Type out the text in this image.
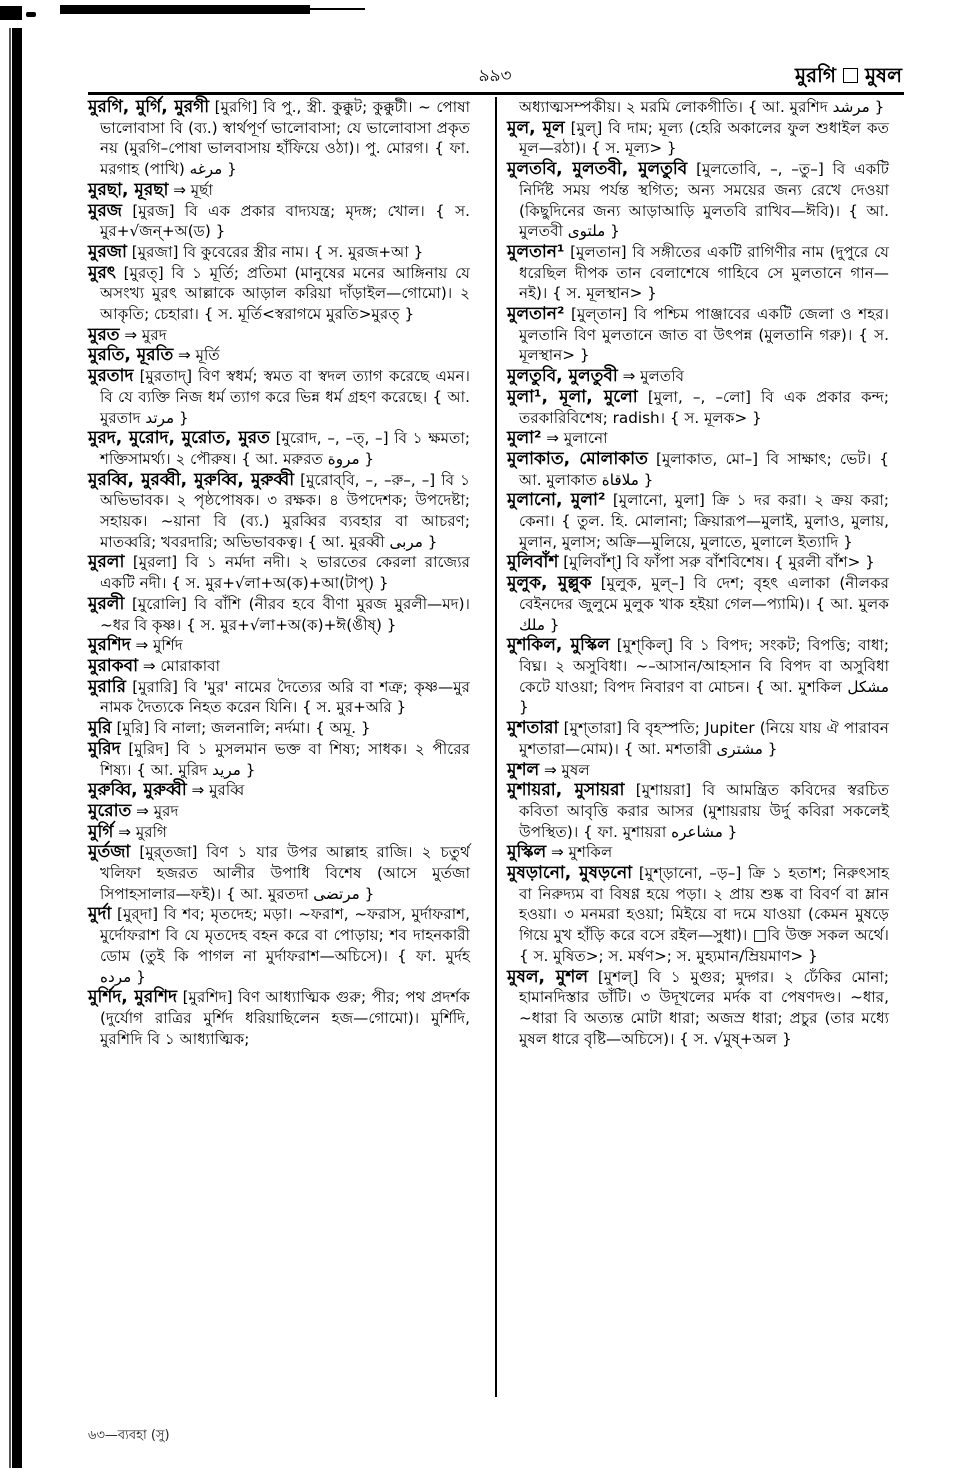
৯৯৩	মুরগি মুষল

মুরগি, মুর্গি, মুরগী [মুরগি] বি পু., স্ত্রী. কুক্কুট; কুক্কুটী। ~ পোষা ভালোবাসা বি (ব্য.) স্বার্থপূর্ণ ভালোবাসা; যে ভালোবাসা প্রকৃত নয় (মুরগি–পোষা ভালবাসায় হাঁফিয়ে ওঠা)। পু. মোরগ। { ফা. মরগাহ (পাখি) مرغه }

মুরছা, মূরছা ⇒ মূর্ছা

মুরজ [মুরজ] বি এক প্রকার বাদ্যযন্ত্র; মৃদঙ্গ; খোল। { স. মুর+√জন্+অ(ড) }

মুরজা [মুরজা] বি কুবেরের স্ত্রীর নাম। { স. মুরজ+আ }

মুরৎ [মুরত্] বি ১ মূর্তি; প্রতিমা (মানুষের মনের আঙ্গিনায় যে অসংখ্য মুরৎ আল্লাকে আড়াল করিয়া দাঁড়াইল—গোমো)। ২ আকৃতি; চেহারা। { স. মূর্তি<স্বরাগমে মুরতি>মুরত্ }

মুরত ⇒ মুরদ

মুরতি, মূরতি ⇒ মূর্তি

মুরতাদ [মুরতাদ্] বিণ স্বধর্ম; স্বমত বা স্বদল ত্যাগ করেছে এমন। বি যে ব্যক্তি নিজ ধর্ম ত্যাগ করে ভিন্ন ধর্ম গ্রহণ করেছে। { আ. মুরতাদ مرتد }

মুরদ, মুরোদ, মুরোত, মুরত [মুরোদ, –, –ত্, –] বি ১ ক্ষমতা; শক্তিসামর্থ্য। ২ পৌরুষ। { আ. মরুরত مروة }

মুরব্বি, মুরব্বী, মুরুব্বি, মুরুব্বী [মুরোব্‌বি, –, –রু–, –] বি ১ অভিভাবক। ২ পৃষ্ঠপোষক। ৩ রক্ষক। ৪ উপদেশক; উপদেষ্টা; সহায়ক। ~য়ানা বি (ব্য.) মুরব্বির ব্যবহার বা আচরণ; মাতব্বরি; খবরদারি; অভিভাবকত্ব। { আ. মুরব্বী مربی }

মুরলা [মুরলা] বি ১ নর্মদা নদী। ২ ভারতের কেরলা রাজ্যের একটি নদী। { স. মুর+√লা+অ(ক)+আ(টাপ্) }

মুরলী [মুরোলি] বি বাঁশি (নীরব হবে বীণা মুরজ মুরলী—মদ)। ~ধর বি কৃষ্ণ। { স. মুর+√লা+অ(ক)+ঈ(ঙীষ্) }

মুরশিদ ⇒ মুর্শিদ

মুরাকবা ⇒ মোরাকাবা

মুরারি [মুরারি] বি 'মুর' নামের দৈত্যের অরি বা শত্রু; কৃষ্ণ—মুর নামক দৈত্যকে নিহত করেন যিনি। { স. মুর+অরি }

মুরি [মুরি] বি নালা; জলনালি; নর্দমা। { অমূ. }

মুরিদ [মুরিদ] বি ১ মুসলমান ভক্ত বা শিষ্য; সাধক। ২ পীরের শিষ্য। { আ. মুরিদ مرید }

মুরুব্বি, মুরুব্বী ⇒ মুরব্বি

মুরোত ⇒ মুরদ

মুর্গি ⇒ মুরগি

মুর্তজা [মুর্‌তজা] বিণ ১ যার উপর আল্লাহ রাজি। ২ চতুর্থ খলিফা হজরত আলীর উপাধি বিশেষ (আসে মুর্তজা সিপাহসালার—ফই)। { আ. মুরতদা مرتضی }

মুর্দা [মুর্‌দা] বি শব; মৃতদেহ; মড়া। ~ফরাশ, ~ফরাস, মুর্দাফরাশ, মুর্দোফরাশ বি যে মৃতদেহ বহন করে বা পোড়ায়; শব দাহনকারী ডোম (তুই কি পাগল না মুর্দাফরাশ—অচিসে)। { ফা. মুর্দহ مرده }

মুর্শিদ, মুরশিদ [মুরশিদ] বিণ আধ্যাত্মিক গুরু; পীর; পথ প্রদর্শক (দুর্যোগ রাত্রির মুর্শিদ ধরিয়াছিলেন হজ—গোমো)। মুর্শিদি, মুরশিদি বি ১ আধ্যাত্মিক;

অধ্যাত্মসম্পকীয়। ২ মরমি লোকগীতি। { আ. মুরশিদ مرشد }

মুল, মূল [মুল্] বি দাম; মূল্য (হেরি অকালের ফুল শুধাইল কত মূল—রঠা)। { স. মূল্য> }

মুলতবি, মুলতবী, মুলতুবি [মুলতোবি, –, –তু–] বি একটি নির্দিষ্ট সময় পর্যন্ত স্থগিত; অন্য সময়ের জন্য রেখে দেওয়া (কিছুদিনের জন্য আড়াআড়ি মুলতবি রাখিব—ঈবি)। { আ. মুলতবী ملتوی }

মুলতান¹ [মুলতান] বি সঙ্গীতের একটি রাগিণীর নাম (দুপুরে যে ধরেছিল দীপক তান বেলাশেষে গাহিবে সে মুলতানে গান—নই)। { স. মূলস্থান> }

মুলতান² [মুল্‌তান] বি পশ্চিম পাঞ্জাবের একটি জেলা ও শহর। মুলতানি বিণ মুলতানে জাত বা উৎপন্ন (মুলতানি গরু)। { স. মূলস্থান> }

মুলতুবি, মুলতুবী ⇒ মুলতবি

মুলা¹, মূলা, মুলো [মুলা, –, –লো] বি এক প্রকার কন্দ; তরকারিবিশেষ; radish। { স. মূলক> }

মুলা² ⇒ মুলানো

মুলাকাত, মোলাকাত [মুলাকাত, মো–] বি সাক্ষাৎ; ভেট। { আ. মুলাকাত ملاقاة }

মুলানো, মুলা² [মুলানো, মুলা] ক্রি ১ দর করা। ২ ক্রয় করা; কেনা। { তুল. হি. মোলানা; ক্রিয়ারূপ—মুলাই, মুলাও, মুলায়, মুলান, মুলাস; অক্রি—মুলিয়ে, মুলাতে, মুলালে ইত্যাদি }

মুলিবাঁশ [মুলিবাঁশ্] বি ফাঁপা সরু বাঁশবিশেষ। { মুরলী বাঁশ> }

মুলুক, মুল্লুক [মুলুক, মুল্–] বি দেশ; বৃহৎ এলাকা (নীলকর বেইনদের জুলুমে মুলুক খাক হইয়া গেল—প্যামি)। { আ. মুলক ملك }

মুশকিল, মুস্কিল [মুশ্‌কিল্] বি ১ বিপদ; সংকট; বিপত্তি; বাধা; বিঘ্ন। ২ অসুবিধা। ~–আসান/আহসান বি বিপদ বা অসুবিধা কেটে যাওয়া; বিপদ নিবারণ বা মোচন। { আ. মুশকিল مشکل }

মুশতারা [মুশ্‌তারা] বি বৃহস্পতি; Jupiter (নিয়ে যায় ঐ পারাবন মুশতারা—মোম)। { আ. মশতারী مشتری }

মুশল ⇒ মুষল

মুশায়রা, মুসায়রা [মুশায়রা] বি আমন্ত্রিত কবিদের স্বরচিত কবিতা আবৃত্তি করার আসর (মুশায়রায় উর্দু কবিরা সকলেই উপস্থিত)। { ফা. মুশায়রা مشاعره }

মুস্কিল ⇒ মুশকিল

মুষড়ানো, মুষড়নো [মুশ্‌ড়ানো, –ড়–] ক্রি ১ হতাশ; নিরুৎসাহ বা নিরুদ্যম বা বিষণ্ণ হয়ে পড়া। ২ প্রায় শুষ্ক বা বিবর্ণ বা ম্লান হওয়া। ৩ মনমরা হওয়া; মিইয়ে বা দমে যাওয়া (কেমন মুষড়ে গিয়ে মুখ হাঁড়ি করে বসে রইল—সুধা)। □বি উক্ত সকল অর্থে। { স. মুষিত>; স. মর্ষণ>; স. মুহ্যমান/ম্রিয়মাণ> }

মুষল, মুশল [মুশল্] বি ১ মুগুর; মুদ্গর। ২ ঢেঁকির মোনা; হামানদিস্তার ডাঁটি। ৩ উদূখলের মর্দক বা পেষণদণ্ড। ~ধার, ~ধারা বি অত্যন্ত মোটা ধারা; অজস্র ধারা; প্রচুর (তার মধ্যে মুষল ধারে বৃষ্টি—অচিসে)। { স. √মুষ্+অল }

৬৩—ব্যবহা (সু)
